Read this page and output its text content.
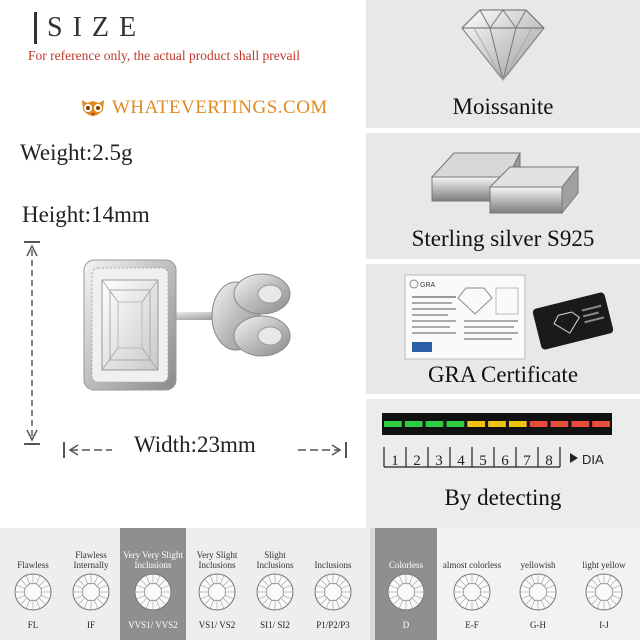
SIZE
For reference only, the actual product shall prevail
WHATEVERTINGS.COM
Weight:2.5g
Height:14mm
Width:23mm
Moissanite
Sterling silver S925
GRA
GRA Certificate
1 2 3 4 5 6 7 8 DIA
By detecting
Flawless
FL
Flawless Internally
IF
Very Very Slight Inclusions
VVS1/ VVS2
Very Slight Inclusions
VS1/ VS2
Slight Inclusions
SI1/ SI2
Inclusions
P1/P2/P3
Colorless
D
almost colorless
E-F
yellowish
G-H
light yellow
I-J
